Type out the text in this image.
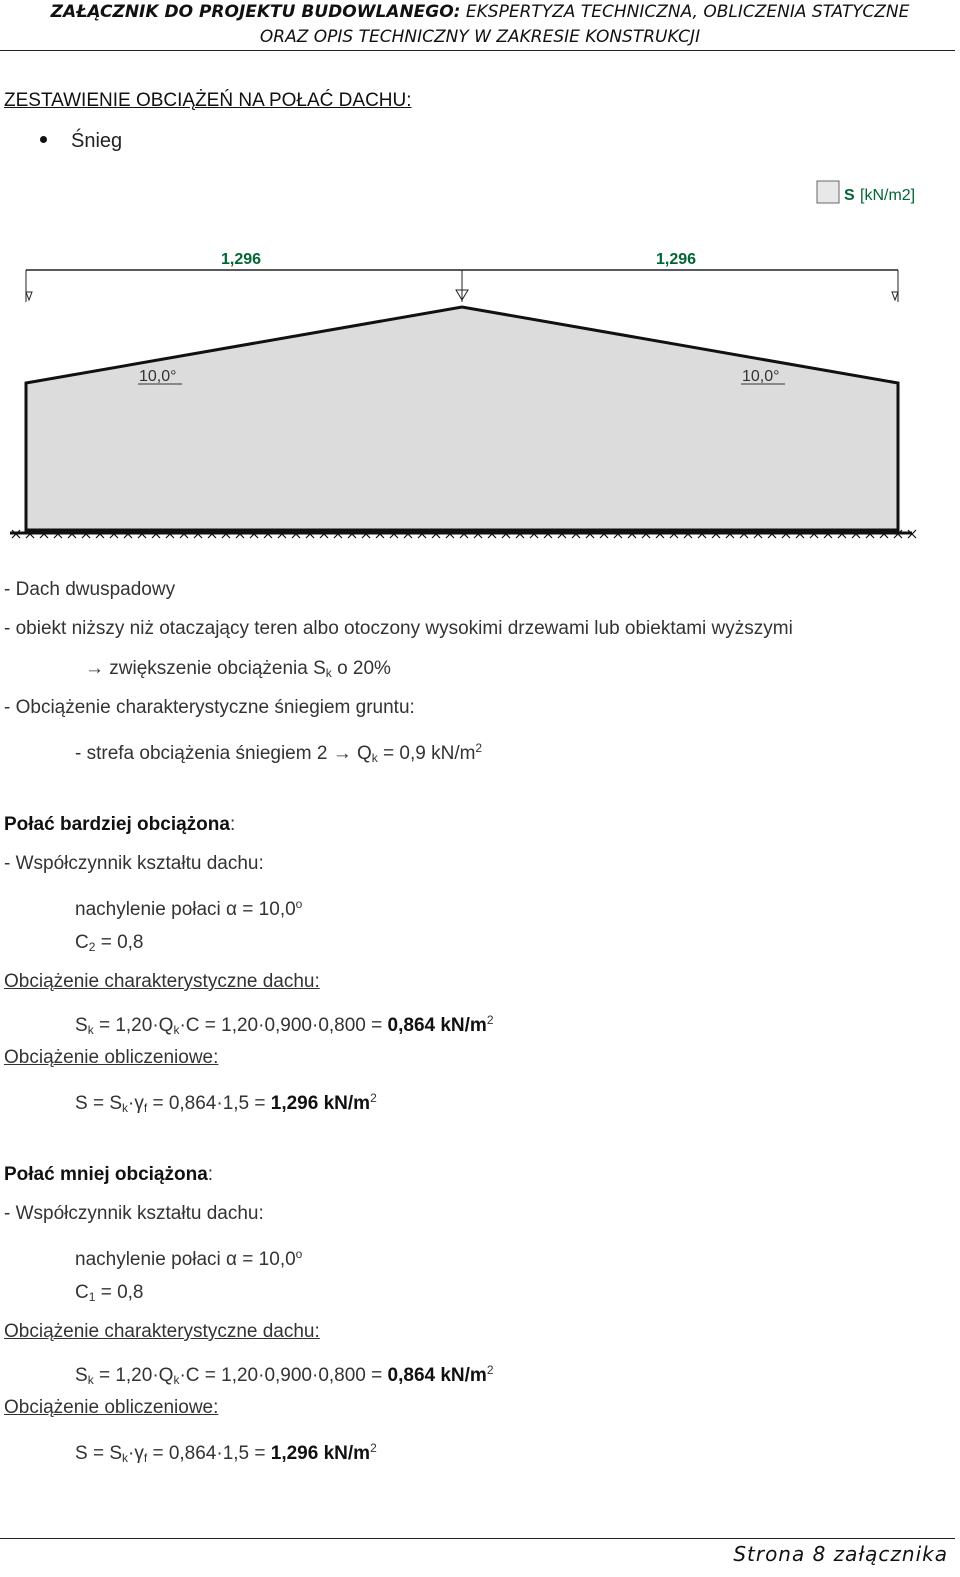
ZAŁĄCZNIK DO PROJEKTU BUDOWLANEGO: EKSPERTYZA TECHNICZNA, OBLICZENIA STATYCZNE
ORAZ OPIS TECHNICZNY W ZAKRESIE KONSTRUKCJI
ZESTAWIENIE OBCIĄŻEŃ NA POŁAĆ DACHU:
Śnieg
S [kN/m2]
1,296	1,296
10,0°	10,0°
- Dach dwuspadowy
- obiekt niższy niż otaczający teren albo otoczony wysokimi drzewami lub obiektami wyższymi
→ zwiększenie obciążenia $S_k$ o 20%
- Obciążenie charakterystyczne śniegiem gruntu:
- strefa obciążenia śniegiem $2 \to Q_k = 0,9$ $kN/m^2$
Połać bardziej obciążona:
- Współczynnik kształtu dachu:
nachylenie połaci $\alpha = 10,0^o$
$C_2 = 0,8$
Obciążenie charakterystyczne dachu:
$S_k = 1,20\cdot Q_k\cdot C = 1,20\cdot 0,900\cdot 0,800 = 0,864$ $kN/m^2$
Obciążenie obliczeniowe:
$S = S_k\cdot\gamma_f = 0,864\cdot 1,5 = 1,296$ $kN/m^2$
Połać mniej obciążona:
- Współczynnik kształtu dachu:
nachylenie połaci $\alpha = 10,0^o$
$C_1 = 0,8$
Obciążenie charakterystyczne dachu:
$S_k = 1,20\cdot Q_k\cdot C = 1,20\cdot 0,900\cdot 0,800 = 0,864$ $kN/m^2$
Obciążenie obliczeniowe:
$S = S_k\cdot\gamma_f = 0,864\cdot 1,5 = 1,296$ $kN/m^2$
Strona 8 załącznika
